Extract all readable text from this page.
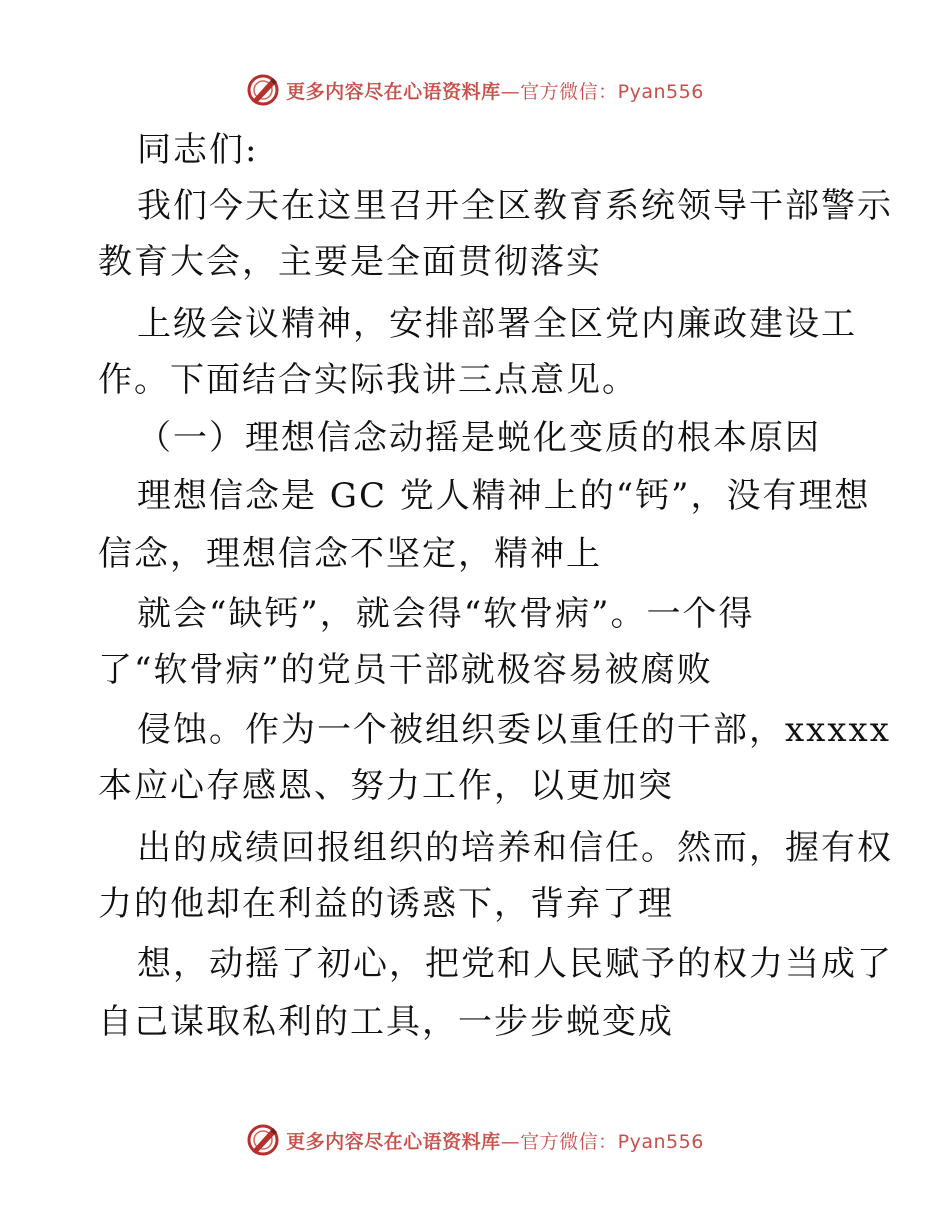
更多内容尽在心语资料库—官方微信：Pyan556
同志们:
我们今天在这里召开全区教育系统领导干部警示
教育大会，主要是全面贯彻落实
上级会议精神，安排部署全区党内廉政建设工
作。下面结合实际我讲三点意见。
（一）理想信念动摇是蜕化变质的根本原因
理想信念是 GC 党人精神上的“钙”，没有理想
信念，理想信念不坚定，精神上
就会“缺钙”，就会得“软骨病”。一个得
了“软骨病”的党员干部就极容易被腐败
侵蚀。作为一个被组织委以重任的干部，xxxxx
本应心存感恩、努力工作，以更加突
出的成绩回报组织的培养和信任。然而，握有权
力的他却在利益的诱惑下，背弃了理
想，动摇了初心，把党和人民赋予的权力当成了
自己谋取私利的工具，一步步蜕变成
更多内容尽在心语资料库—官方微信：Pyan556
